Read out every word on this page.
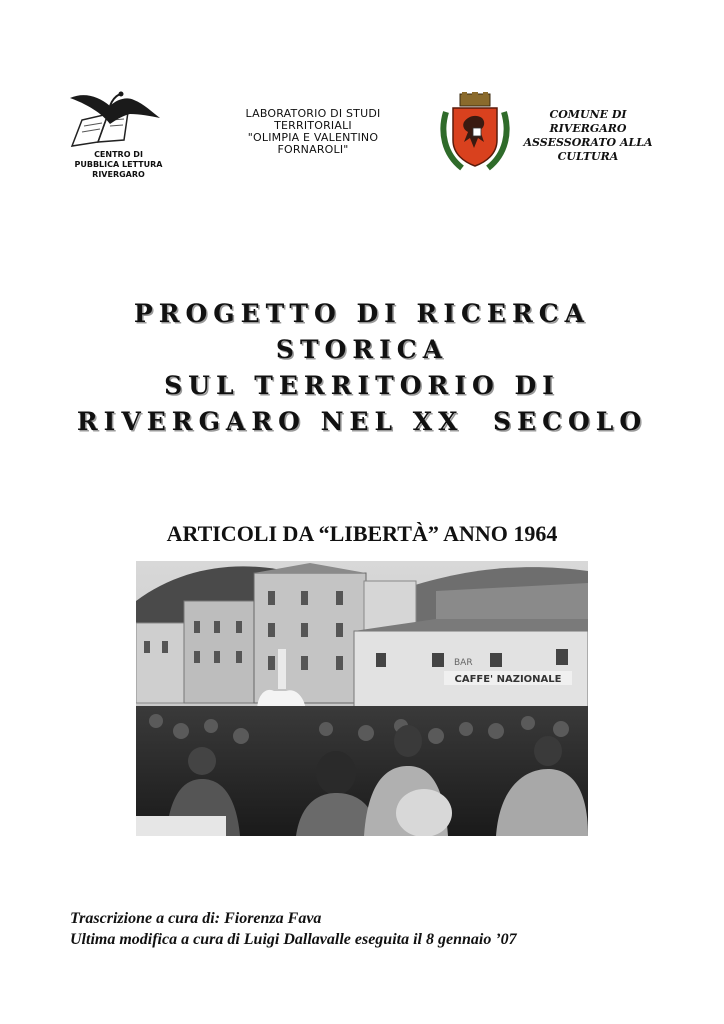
CENTRO DI
PUBBLICA LETTURA
RIVERGARO
LABORATORIO DI STUDI
TERRITORIALI
"OLIMPIA E VALENTINO
FORNAROLI"
COMUNE DI
RIVERGARO
ASSESSORATO ALLA
CULTURA
PROGETTO DI RICERCA
STORICA
SUL TERRITORIO DI
RIVERGARO NEL XX  SECOLO
ARTICOLI DA “LIBERTÀ” ANNO 1964
BAR
CAFFE' NAZIONALE
Trascrizione a cura di: Fiorenza Fava
Ultima modifica a cura di Luigi Dallavalle eseguita il 8 gennaio ’07
